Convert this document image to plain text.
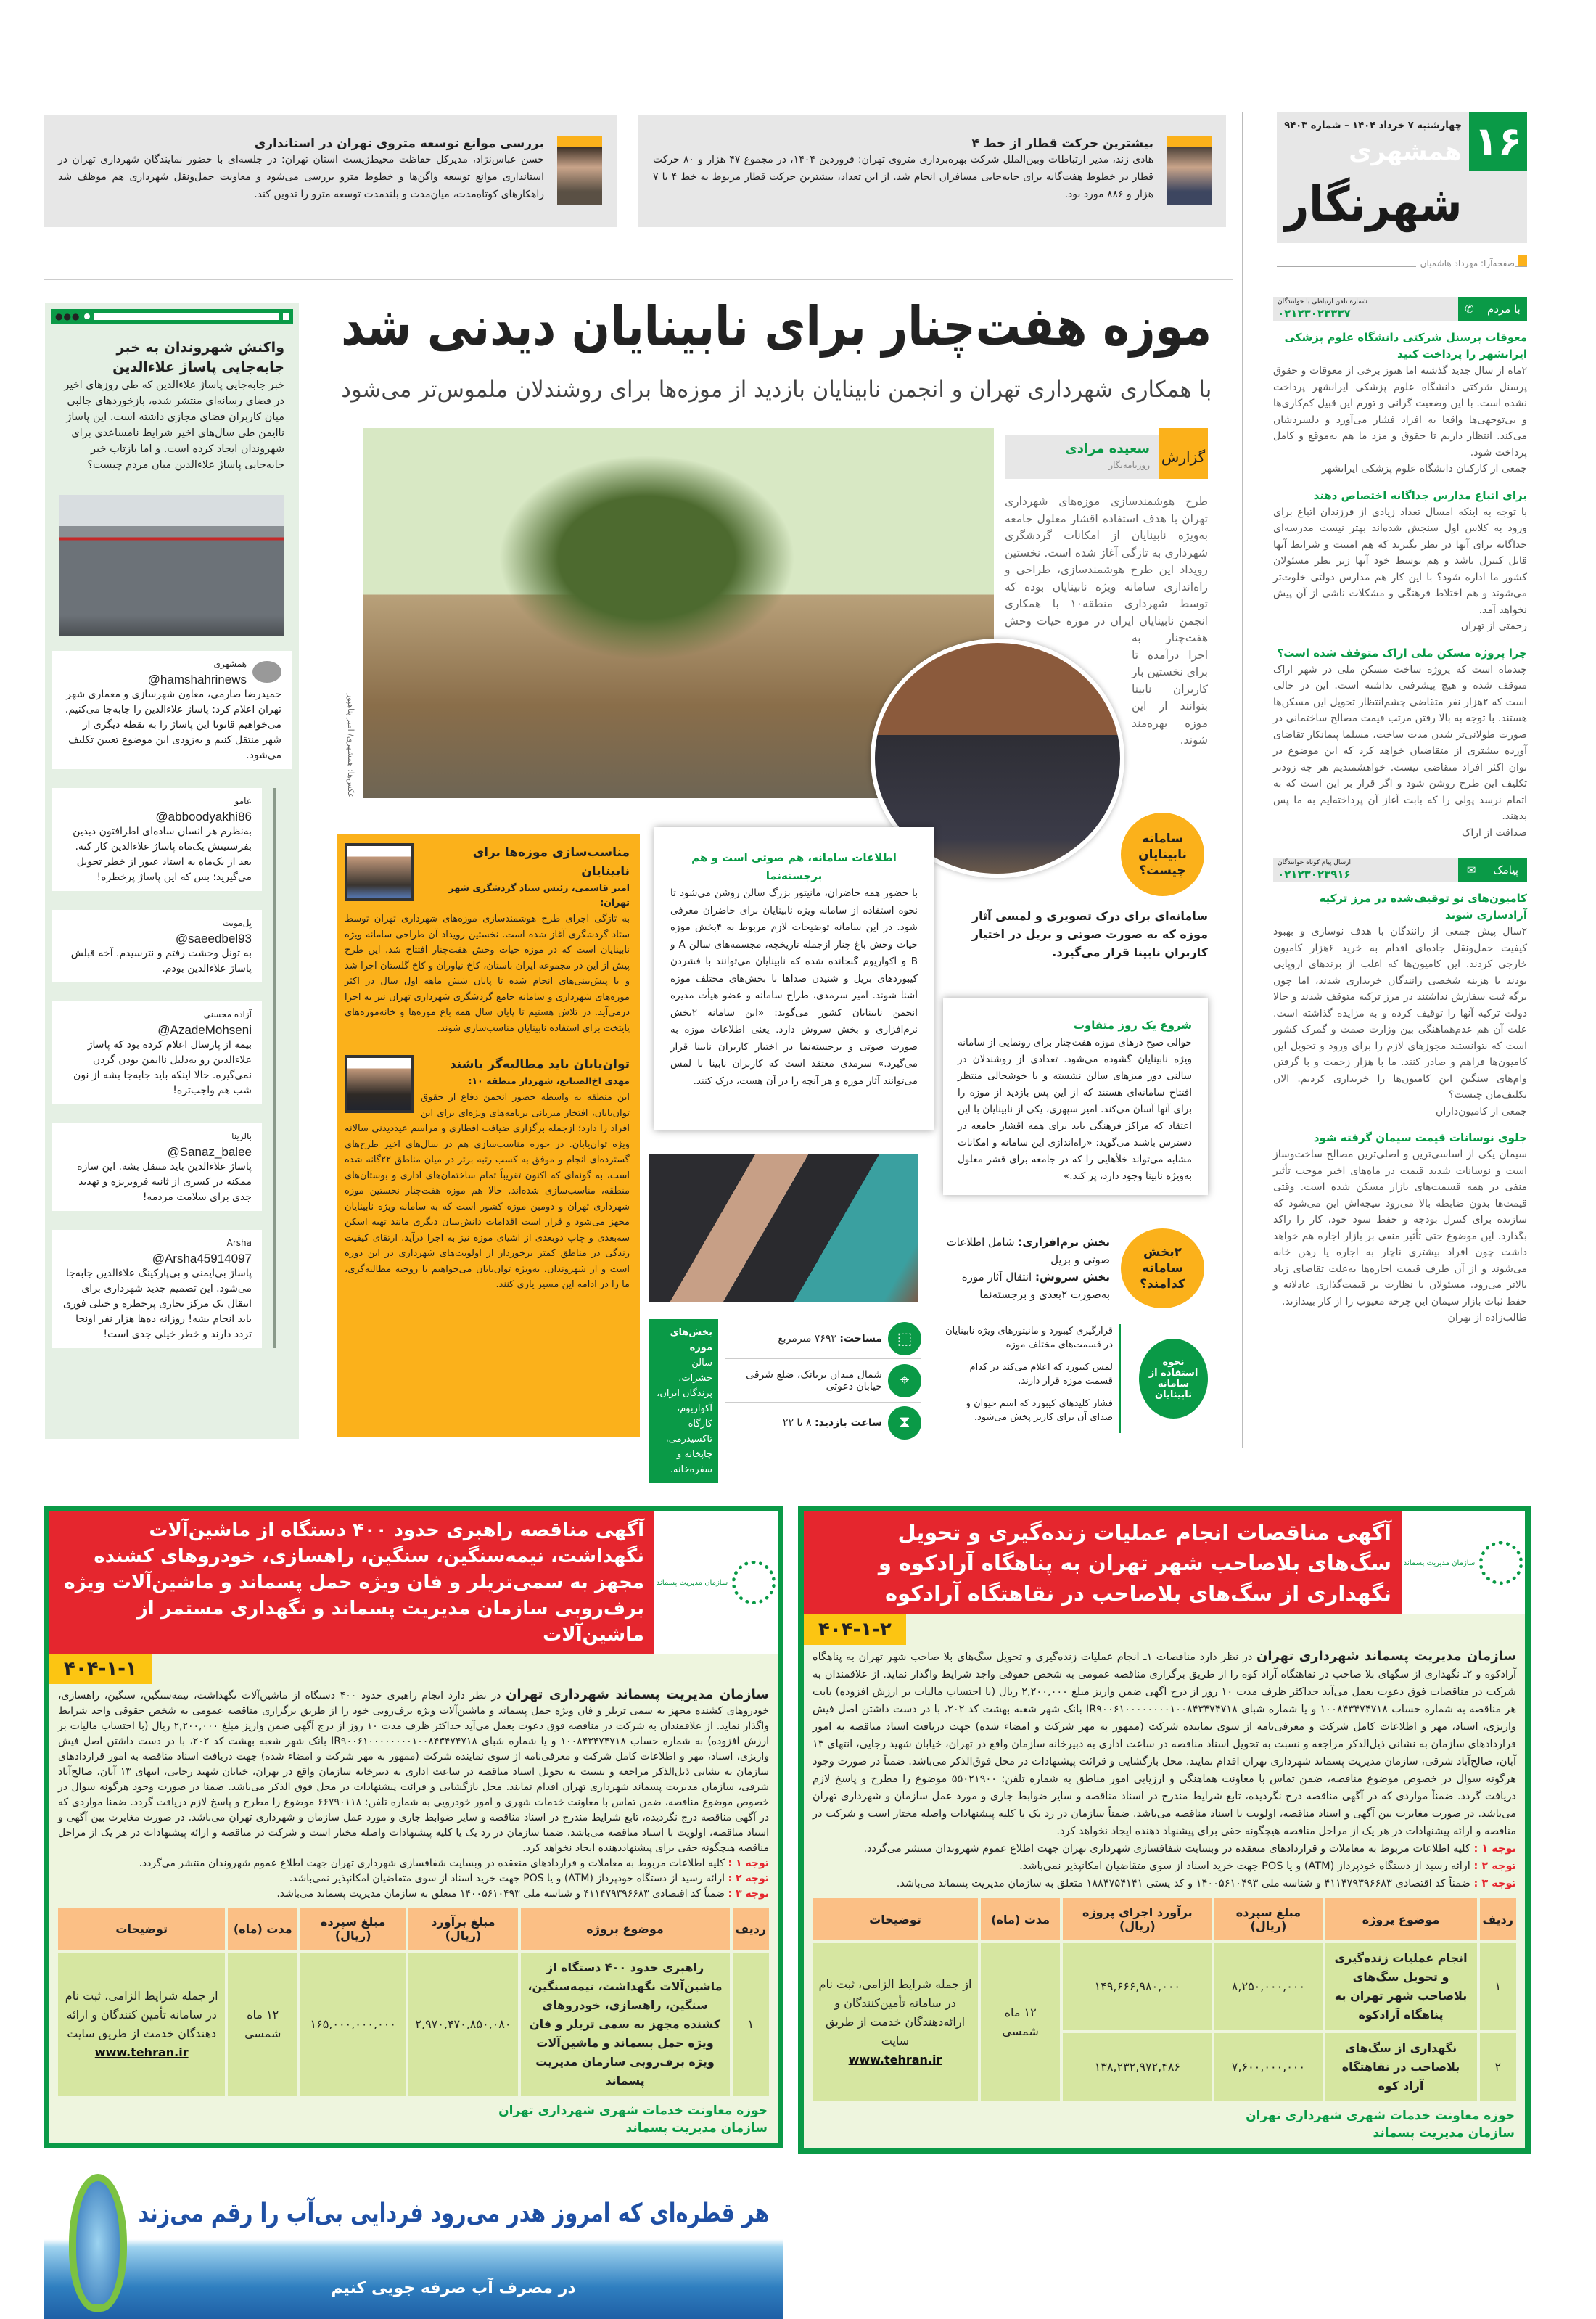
۱۶
چهارشنبه ۷ خرداد ۱۴۰۴ – شماره ۹۴۰۳
همشهری
شهرنگار
صفحه‌آرا: مهرداد هاشمیان
بیشترین حرکت قطار از خط ۴
هادی زند، مدیر ارتباطات وبین‌الملل شرکت بهره‌برداری متروی تهران: فروردین ۱۴۰۴، در مجموع ۴۷ هزار و ۸۰ حرکت قطار در خطوط هفت‌گانه برای جابه‌جایی مسافران انجام شد. از این تعداد، بیشترین حرکت قطار مربوط به خط ۴ با ۷ هزار و ۸۸۶ مورد بود.
بررسی موانع توسعه متروی تهران در استانداری
حسن عباس‌نژاد، مدیرکل حفاظت محیط‌زیست استان تهران: در جلسه‌ای با حضور نمایندگان شهرداری تهران در استانداری موانع توسعه واگن‌ها و خطوط مترو بررسی می‌شود و معاونت حمل‌ونقل شهرداری هم موظف شد راهکارهای کوتاه‌مدت، میان‌مدت و بلندمدت توسعه مترو را تدوین کند.
با مردم
✆
شماره تلفن ارتباطی با خوانندگان
۰۲۱۲۳۰۲۳۳۳۷
معوقات پرسنل شرکتی دانشگاه علوم پزشکی ایرانشهر را پرداخت کنید
۲ماه از سال جدید گذشته اما هنوز برخی از معوقات و حقوق پرسنل شرکتی دانشگاه علوم پزشکی ایرانشهر پرداخت نشده است. با این وضعیت گرانی و تورم این قبیل کم‌کاری‌ها و بی‌توجهی‌ها واقعا به افراد فشار می‌آورد و دلسردشان می‌کند. انتظار داریم تا حقوق و مزد ما هم به‌موقع و کامل پرداخت شود.
جمعی از کارکنان دانشگاه علوم پزشکی ایرانشهر
برای اتباع مدارس جداگانه اختصاص دهند
با توجه به اینکه امسال تعداد زیادی از فرزندان اتباع برای ورود به کلاس اول سنجش شده‌اند بهتر نیست مدرسه‌ای جداگانه برای آنها در نظر بگیرند که هم امنیت و شرایط آنها قابل کنترل باشد و هم توسط خود آنها زیر نظر مسئولان کشور ما اداره شود؟ با این کار هم مدارس دولتی خلوت‌تر می‌شوند و هم اختلاط فرهنگی و مشکلات ناشی از آن پیش نخواهد آمد.
رحمتی از تهران
چرا پروژه مسکن ملی اراک متوقف شده است؟
چندماه است که پروژه ساخت مسکن ملی در شهر اراک متوقف شده و هیچ پیشرفتی نداشته است. این در حالی است که ۲هزار نفر متقاضی چشم‌انتظار تحویل این مسکن‌ها هستند. با توجه به بالا رفتن مرتب قیمت مصالح ساختمانی در صورت طولانی‌تر شدن مدت ساخت، مسلما پیمانکار تقاضای آورده بیشتری از متقاضیان خواهد کرد که این موضوع در توان اکثر افراد متقاضی نیست. خواهشمندیم هر چه زودتر تکلیف این طرح روشن شود و اگر قرار بر این است که به اتمام نرسد پولی را که بابت آغاز آن پرداخته‌ایم به ما پس بدهند.
صداقت از اراک
پیامک
✉
ارسال پیام کوتاه خوانندگان
۰۲۱۲۳۰۲۳۹۱۶
کامیون‌های نو توقیف‌شده در مرز ترکیه آزادسازی شوند
۲سال پیش جمعی از رانندگان با هدف نوسازی و بهبود کیفیت حمل‌ونقل جاده‌ای اقدام به خرید ۶هزار کامیون خارجی کردند. این کامیون‌ها که اغلب از برندهای اروپایی بودند با هزینه شخصی رانندگان خریداری شدند، اما چون برگه ثبت سفارش نداشتند در مرز ترکیه متوقف شدند و حالا دولت ترکیه آنها را توقیف کرده و به مزایده گذاشته است. علت آن هم عدم‌هماهنگی بین وزارت صمت و گمرک کشور است که نتوانستند مجوزهای لازم را برای ورود و تحویل این کامیون‌ها فراهم و صادر کنند. ما با هزار زحمت و با گرفتن وام‌های سنگین این کامیون‌ها را خریداری کردیم. الان تکلیف‌مان چیست؟
جمعی از کامیون‌داران
جلوی نوسانات قیمت سیمان گرفته شود
سیمان یکی از اساسی‌ترین و اصلی‌ترین مصالح ساخت‌وساز است و نوسانات شدید قیمت در ماه‌های اخیر موجب تأثیر منفی در همه قسمت‌های بازار مسکن شده است. وقتی قیمت‌ها بدون ضابطه بالا می‌رود نتیجه‌اش این می‌شود که سازنده برای کنترل بودجه و حفظ سود خود، کار را راکد بگذارد. این موضوع حتی تأثیر منفی بر بازار اجاره هم خواهد داشت چون افراد بیشتری ناچار به اجاره یا رهن خانه می‌شوند و از آن طرف قیمت اجاره‌ها به‌علت تقاضای زیاد بالاتر می‌رود. مسئولان با نظارت بر قیمت‌گذاری عادلانه و حفظ ثبات بازار سیمان این چرخه معیوب را از کار بیندازند.
طالب‌زاده از تهران
موزه هفت‌چنار برای نابینایان دیدنی شد
با همکاری شهرداری تهران و انجمن نابینایان بازدید از موزه‌ها برای روشندلان ملموس‌تر می‌شود
عکس‌ها: همشهری/ امیر پناهپور
گزارش
سعیده مرادی
روزنامه‌نگار
طرح هوشمندسازی موزه‌های شهرداری تهران با هدف استفاده اقشار معلول جامعه به‌ویژه نابینایان از امکانات گردشگری شهرداری به تازگی آغاز شده است. نخستین رویداد این طرح هوشمندسازی، طراحی و راه‌اندازی سامانه ویژه نابینایان بوده که توسط شهرداری منطقه۱۰ با همکاری انجمن نابینایان ایران در موزه حیات وحش هفت‌چنار به اجرا درآمده تا برای نخستین بار کاربران نابینا بتوانند از این موزه بهره‌مند شوند.
سامانه نابینایان چیست؟
سامانه‌ای برای درک تصویری و لمسی آثار موزه که به صورت صوتی و بریل در اختیار کاربران نابینا قرار می‌گیرد.
شروع یک روز متفاوت
حوالی صبح درهای موزه هفت‌چنار برای رونمایی از سامانه ویژه نابینایان گشوده می‌شود. تعدادی از روشندلان در سالنی دور میزهای سالن نشسته و با خوشحالی منتظر افتتاح سامانه‌ای هستند که از این پس بازدید از موزه را برای آنها آسان می‌کند. امیر سپهری، یکی از نابینایان با این اعتقاد که مراکز فرهنگی باید برای همه اقشار جامعه در دسترس باشند می‌گوید: «راه‌اندازی این سامانه و امکانات مشابه می‌تواند خلأهایی را که در جامعه برای قشر معلول به‌ویژه نابینا وجود دارد، پر کند.»
اطلاعات سامانه، هم صوتی است و هم برجسته‌نما
با حضور همه حاضران، مانیتور بزرگ سالن روشن می‌شود تا نحوه استفاده از سامانه ویژه نابینایان برای حاضران معرفی شود. در این سامانه توضیحات لازم مربوط به ۴بخش موزه حیات وحش باغ چنار ازجمله تاریخچه، مجسمه‌های سالن A و B و آکواریوم گنجانده شده که نابینایان می‌توانند با فشردن کیبوردهای بریل و شنیدن صداها با بخش‌های مختلف موزه آشنا شوند. امیر سرمدی، طراح سامانه و عضو هیأت مدیره انجمن نابینایان کشور می‌گوید: «این سامانه ۲بخش نرم‌افزاری و بخش سروش دارد. یعنی اطلاعات موزه به صورت صوتی و برجسته‌نما در اختیار کاربران نابینا قرار می‌گیرد.» سرمدی معتقد است که کاربران نابینا با لمس می‌توانند آثار موزه و هر آنچه را در آن هست، درک کنند.
مناسب‌سازی موزه‌ها برای نابینایان
امیر قاسمی، رئیس ستاد گردشگری شهر تهران:
به تازگی اجرای طرح هوشمندسازی موزه‌های شهرداری تهران توسط ستاد گردشگری آغاز شده است. نخستین رویداد آن طراحی سامانه ویژه نابینایان است که در موزه حیات وحش هفت‌چنار افتتاح شد. این طرح پیش از این در مجموعه ایران باستان، کاخ نیاوران و کاخ گلستان اجرا شد و با پیش‌بینی‌های انجام شده تا پایان شش ماهه اول سال در اکثر موزه‌های شهرداری و سامانه جامع گردشگری شهرداری تهران نیز به اجرا درمی‌آید. در تلاش هستیم تا پایان سال همه باغ موزه‌ها و خانه‌موزه‌های پایتخت برای استفاده نابینایان مناسب‌سازی شوند.
توان‌یابان باید مطالبه‌گر باشند
مهدی اخ‌الصنایع، شهردار منطقه ۱۰:
این منطقه به واسطه حضور انجمن دفاع از حقوق توان‌یابان، افتخار میزبانی برنامه‌های ویژه‌ای برای این افراد را دارد؛ ازجمله برگزاری ضیافت افطاری و مراسم عیددیدنی سالانه ویژه توان‌یابان. در حوزه مناسب‌سازی هم در سال‌های اخیر طرح‌های گسترده‌ای انجام و موفق به کسب رتبه برتر در میان مناطق ۲۲گانه شده است، به گونه‌ای که اکنون تقریباً تمام ساختمان‌های اداری و بوستان‌های منطقه، مناسب‌سازی شده‌اند. حالا هم موزه هفت‌چنار نخستین موزه شهرداری تهران و دومین موزه کشور است که به سامانه ویژه نابینایان مجهز می‌شود و قرار است اقدامات دانش‌بنیان دیگری مانند تهیه اسکن سه‌بعدی و چاپ دوبعدی از اشیای موزه نیز به اجرا درآید. ارتقای کیفیت زندگی در مناطق کمتر برخوردار از اولویت‌های شهرداری در این دوره است و از شهروندان، به‌ویژه توان‌یابان می‌خواهیم با روحیه مطالبه‌گری، ما را در ادامه این مسیر یاری کنند.
۲بخش سامانه کدامند؟
بخش نرم‌افزاری: شامل اطلاعات صوتی و بریل
بخش سروش: انتقال آثار موزه به‌صورت ۲بعدی و برجسته‌نما
بخش‌های موزه
سالن حشرات، پرندگان ایران، آکواریوم، کارگاه تاکسیدرمی، چاپخانه و سفره‌خانه.
⬚
مساحت: ۷۶۹۳ مترمربع
⌖
شمال میدان بریانک، ضلع شرقی خیابان دعوتی
⧗
ساعت بازدید: ۸ تا ۲۲
نحوه استفاده از سامانه نابینایان
قرارگیری کیبورد و مانیتورهای ویژه نابینایان در قسمت‌های مختلف موزه
لمس کیبورد که اعلام می‌کند در کدام قسمت موزه قرار دارند.
فشار کلیدهای کیبورد که اسم حیوان و صدای آن برای کاربر پخش می‌شود.
●●●
واکنش شهروندان به خبر جابه‌جایی پاساژ علاءالدین
خبر جابه‌جایی پاساژ علاءالدین که طی روزهای اخیر در فضای رسانه‌ای منتشر شده، بازخوردهای جالبی میان کاربران فضای مجازی داشته است. این پاساژ ناایمن طی سال‌های اخیر شرایط نامساعدی برای شهروندان ایجاد کرده است. و اما بازتاب خبر جابه‌جایی پاساژ علاءالدین میان مردم چیست؟
همشهری
@hamshahrinews
حمیدرضا صارمی، معاون شهرسازی و معماری شهر تهران اعلام کرد: پاساژ علاءالدین را جابه‌جا می‌کنیم. می‌خواهیم قانونا این پاساژ را به نقطه دیگری از شهر منتقل کنیم و به‌زودی این موضوع تعیین تکلیف می‌شود.
عامو
@abboodyakhi86
به‌نظرم هر انسان ساده‌ای اطرافتون دیدین بفرستینش یک‌ماه پاساژ علاءالدین کار کنه. بعد از یک‌ماه یه استاد عبور از خطر تحویل می‌گیرید؛ بس که این پاساژ پرخطره!
بِل‌مونت
@saeedbel93
به تونل وحشت رفتم و نترسیدم. آخه قبلش پاساژ علاءالدین بودم.
آزاده محسنی
@AzadeMohseni
بیمه از پارسال اعلام کرده بود که پاساژ علاءالدین رو به‌دلیل ناایمن بودن گردن نمی‌گیره. حالا اینکه باید جابه‌جا بشه از نون شب هم واجب‌تره!
بالرینا
@Sanaz_balee
پاساژ علاءالدین باید منتقل بشه. این سازه ممکنه در کسری از ثانیه فروبریزه و تهدید جدی برای سلامت مردمه!
Arsha
@Arsha45914097
پاساژ بی‌ایمنی و بی‌پارکینگ علاءالدین جابه‌جا می‌شود. این تصمیم جدید شهرداری برای انتقال یک مرکز تجاری پرخطره و خیلی فوری باید انجام بشه! روزانه ده‌ها هزار نفر اونجا تردد دارند و خطر خیلی جدی است!
آگهی مناقصات انجام عملیات زنده‌گیری و تحویل سگ‌های بلاصاحب شهر تهران به پناهگاه آرادکوه و نگهداری از سگ‌های بلاصاحب در نقاهتگاه آرادکوه
سازمان مدیریت پسماند
۴۰۴-۱-۲
سازمان مدیریت پسماند شهرداری تهران در نظر دارد مناقصات ۱ـ انجام عملیات زنده‌گیری و تحویل سگ‌های بلا صاحب شهر تهران به پناهگاه آرادکوه و ۲ـ نگهداری از سگهای بلا صاحب در نقاهتگاه آراد کوه را از طریق برگزاری مناقصه عمومی به شخص حقوقی واجد شرایط واگذار نماید. از علاقمندان به شرکت در مناقصات فوق دعوت بعمل می‌آید حداکثر ظرف مدت ۱۰ روز از درج آگهی ضمن واریز مبلغ ۲,۲۰۰,۰۰۰ ریال (با احتساب مالیات بر ارزش افزوده) بابت هر مناقصه به شماره حساب ۱۰۰۸۴۳۴۷۴۷۱۸ و یا شماره شبای IR۹۰۰۶۱۰۰۰۰۰۰۰۰۱۰۰۸۴۳۴۷۴۷۱۸ بانک شهر شعبه بهشت کد ۲۰۲، با در دست داشتن اصل فیش واریزی، اسناد، مهر و اطلاعات کامل شرکت و معرفی‌نامه از سوی نماینده شرکت (ممهور به مهر شرکت و امضاء شده) جهت دریافت اسناد مناقصه به امور قراردادهای سازمان به نشانی ذیل‌الذکر مراجعه و نسبت به تحویل اسناد مناقصه در ساعت اداری به دبیرخانه سازمان واقع در تهران، خیابان شهید رجایی، انتهای ۱۳ آبان، صالح‌آباد شرقی، سازمان مدیریت پسماند شهرداری تهران اقدام نمایند. محل بازگشایی و قرائت پیشنهادات در محل فوق‌الذکر می‌باشد. ضمناً در صورت وجود هرگونه سوال در خصوص موضوع مناقصه، ضمن تماس با معاونت هماهنگی و ارزیابی امور مناطق به شماره تلفن: ۵۵۰۲۱۹۰۰ موضوع را مطرح و پاسخ لازم دریافت گردد. ضمناً مواردی که در آگهی مناقصه درج نگردیده، تابع شرایط مندرج در اسناد مناقصه و سایر ضوابط جاری و مورد عمل سازمان و شهرداری تهران می‌باشد. در صورت مغایرت بین آگهی و اسناد مناقصه، اولویت با اسناد مناقصه می‌باشد. ضمناً سازمان در رد یک یا کلیه پیشنهادات واصله مختار است و شرکت در مناقصه و ارائه پیشنهادات در هر یک از مراحل مناقصه هیچگونه حقی برای پیشنهاد دهنده ایجاد نخواهد کرد.
توجه ۱ : کلیه اطلاعات مربوط به معاملات و قراردادهای منعقده در وبسایت شفافسازی شهرداری تهران جهت اطلاع عموم شهروندان منتشر می‌گردد.
توجه ۲ : ارائه رسید از دستگاه خودپرداز (ATM) و یا POS جهت خرید اسناد از سوی متقاضیان امکانپذیر نمی‌باشد.
توجه ۳ : ضمناً کد اقتصادی ۴۱۱۴۷۹۳۹۶۶۸۳ و شناسه ملی ۱۴۰۰۵۶۱۰۴۹۳ و کد پستی ۱۸۸۴۷۵۴۱۴۱ متعلق به سازمان مدیریت پسماند می‌باشد.
ردیف	موضوع پروژه	مبلغ سپرده (ریال)	برآورد اجرای پروژه (ریال)	مدت (ماه)	توضیحات
۱	انجام عملیات زنده‌گیری و تحویل سگ‌های بلاصاحب شهر تهران به پناهگاه آرادکوه	۸,۲۵۰,۰۰۰,۰۰۰	۱۴۹,۶۶۶,۹۸۰,۰۰۰	۱۲ ماه شمسی	از جمله شرایط الزامی، ثبت نام در سامانه تأمین‌کنندگان و ارائه‌دهندگان خدمت از طریق سایت
www.tehran.ir
۲	نگهداری از سگ‌های بلاصاحب در نقاهتگاه آراد کوه	۷,۶۰۰,۰۰۰,۰۰۰	۱۳۸,۲۳۲,۹۷۲,۴۸۶		
حوزه معاونت خدمات شهری شهرداری تهران
سازمان مدیریت پسماند
آگهی مناقصه راهبری حدود ۴۰۰ دستگاه از ماشین‌آلات نگهداشت، نیمه‌سنگین، سنگین، راهسازی، خودروهای کشنده مجهز به سمی‌تریلر و فان ویژه حمل پسماند و ماشین‌آلات ویژه برف‌روبی سازمان مدیریت پسماند و نگهداری مستمر از ماشین‌آلات
سازمان مدیریت پسماند
۴۰۴-۱-۱
سازمان مدیریت پسماند شهرداری تهران در نظر دارد انجام راهبری حدود ۴۰۰ دستگاه از ماشین‌آلات نگهداشت، نیمه‌سنگین، سنگین، راهسازی، خودروهای کشنده مجهز به سمی تریلر و فان ویژه حمل پسماند و ماشین‌آلات ویژه برف‌روبی خود را از طریق برگزاری مناقصه عمومی به شخص حقوقی واجد شرایط واگذار نماید. از علاقمندان به شرکت در مناقصه فوق دعوت بعمل می‌آید حداکثر ظرف مدت ۱۰ روز از درج آگهی ضمن واریز مبلغ ۲,۲۰۰,۰۰۰ ریال (با احتساب مالیات بر ارزش افزوده) به شماره حساب ۱۰۰۸۴۳۴۷۴۷۱۸ و یا شماره شبای IR۹۰۰۶۱۰۰۰۰۰۰۰۰۱۰۰۸۴۳۴۷۴۷۱۸ بانک شهر شعبه بهشت کد ۲۰۲، با در دست داشتن اصل فیش واریزی، اسناد، مهر و اطلاعات کامل شرکت و معرفی‌نامه از سوی نماینده شرکت (ممهور به مهر شرکت و امضاء شده) جهت دریافت اسناد مناقصه به امور قراردادهای سازمان به نشانی ذیل‌الذکر مراجعه و نسبت به تحویل اسناد مناقصه در ساعت اداری به دبیرخانه سازمان واقع در تهران، خیابان شهید رجایی، انتهای ۱۳ آبان، صالح‌آباد شرقی، سازمان مدیریت پسماند شهرداری تهران اقدام نمایند. محل بازگشایی و قرائت پیشنهادات در محل فوق الذکر می‌باشد. ضمنا در صورت وجود هرگونه سوال در خصوص موضوع مناقصه، ضمن تماس با معاونت خدمات شهری و امور خودرویی به شماره تلفن: ۶۶۷۹۰۱۱۸ موضوع را مطرح و پاسخ لازم دریافت گردد. ضمنا مواردی که در آگهی مناقصه درج نگردیده، تابع شرایط مندرج در اسناد مناقصه و سایر ضوابط جاری و مورد عمل سازمان و شهرداری تهران می‌باشد. در صورت مغایرت بین آگهی و اسناد مناقصه، اولویت با اسناد مناقصه می‌باشد. ضمنا سازمان در رد یک یا کلیه پیشنهادات واصله مختار است و شرکت در مناقصه و ارائه پیشنهادات در هر یک از مراحل مناقصه هیچگونه حقی برای پیشنهاددهنده ایجاد نخواهد کرد.
توجه ۱ : کلیه اطلاعات مربوط به معاملات و قراردادهای منعقده در وبسایت شفافسازی شهرداری تهران جهت اطلاع عموم شهروندان منتشر می‌گردد.
توجه ۲ : ارائه رسید از دستگاه خودپرداز (ATM) و یا POS جهت خرید اسناد از سوی متقاضیان امکانپذیر نمی‌باشد.
توجه ۳ : ضمناً کد اقتصادی ۴۱۱۴۷۹۳۹۶۶۸۳ و شناسه ملی ۱۴۰۰۵۶۱۰۴۹۳ متعلق به سازمان مدیریت پسماند می‌باشد.
ردیف	موضوع پروژه	مبلغ برآورد (ریال)	مبلغ سپرده (ریال)	مدت (ماه)	توضیحات
۱	راهبری حدود ۴۰۰ دستگاه از ماشین‌آلات نگهداشت، نیمه‌سنگین، سنگین، راهسازی، خودروهای کشنده مجهز به سمی تریلر و فان ویژه حمل پسماند و ماشین‌آلات ویژه برف‌روبی سازمان مدیریت پسماند	۲,۹۷۰,۴۷۰,۸۵۰,۰۸۰	۱۶۵,۰۰۰,۰۰۰,۰۰۰	۱۲ ماه شمسی	از جمله شرایط الزامی، ثبت نام در سامانه تأمین کنندگان و ارائه دهندگان خدمت از طریق سایت
www.tehran.ir
حوزه معاونت خدمات شهری شهرداری تهران
سازمان مدیریت پسماند
هر قطره‌ای که امروز هدر می‌رود فردایی بی‌آب را رقم می‌زند
در مصرف آب صرفه جویی کنیم
